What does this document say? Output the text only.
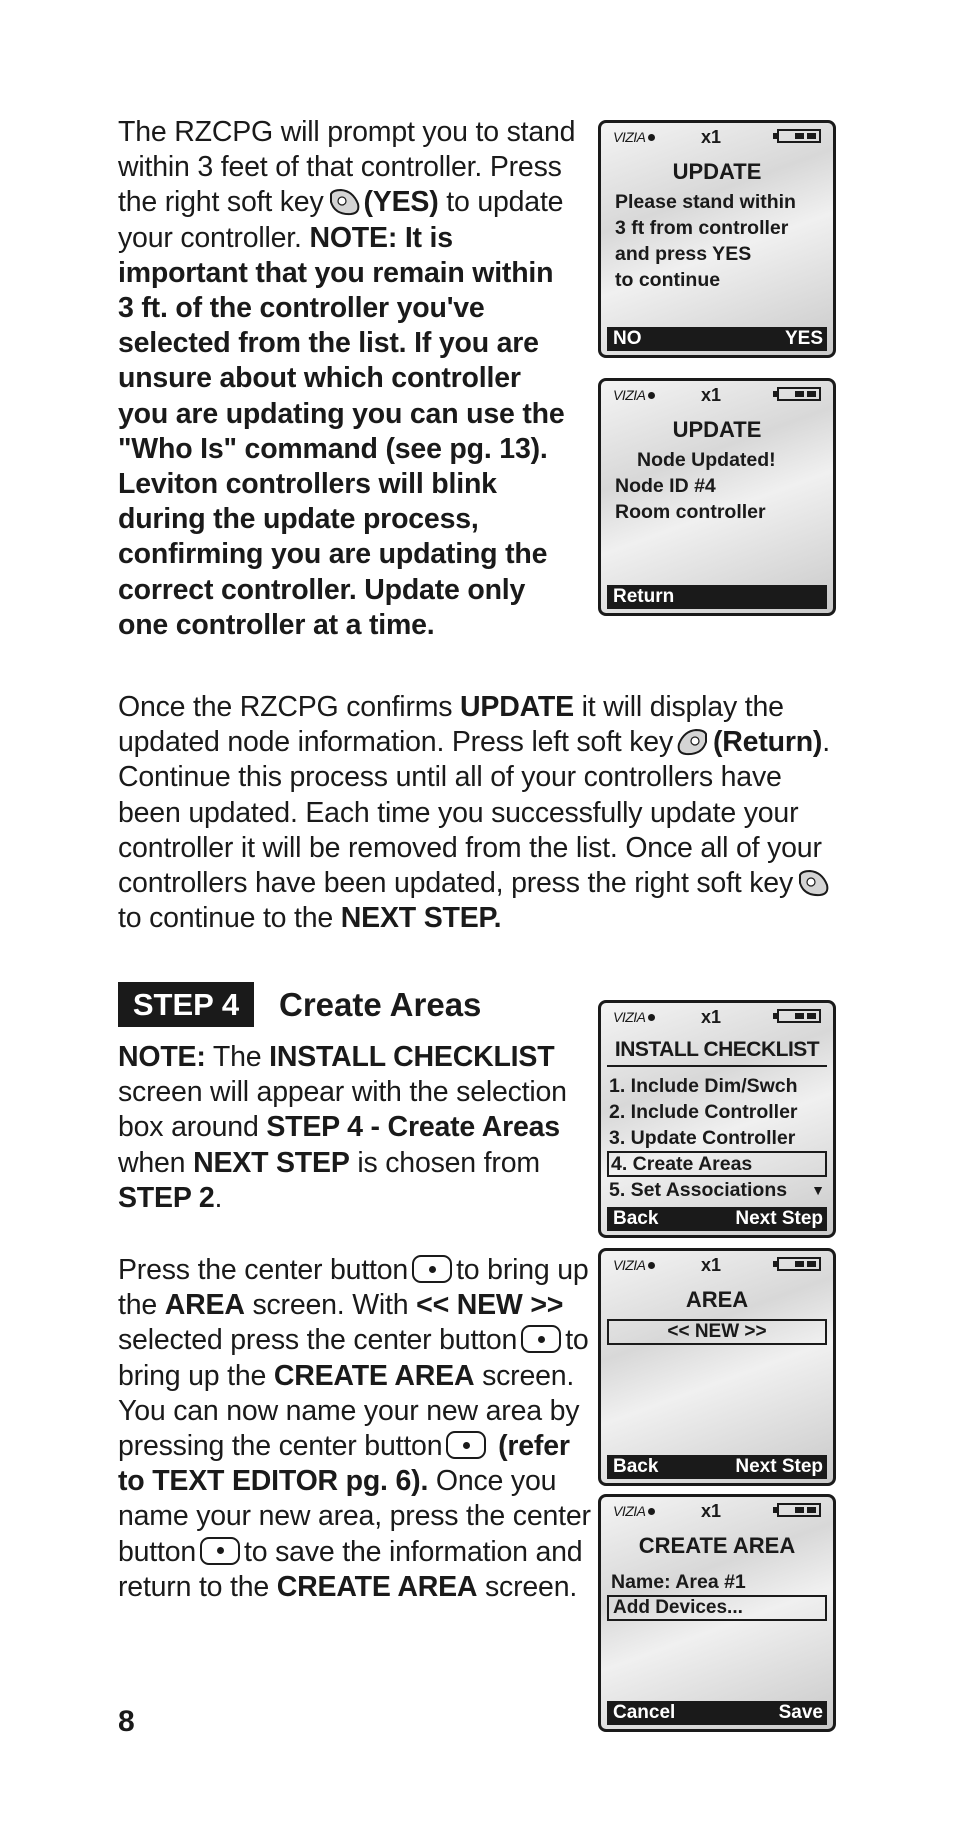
The RZCPG will prompt you to stand within 3 feet of that controller. Press the right soft key (YES) to update your controller. NOTE: It is important that you remain within 3 ft. of the controller you've selected from the list. If you are unsure about which controller you are updating you can use the "Who Is" command (see pg. 13). Leviton controllers will blink during the update process, confirming you are updating the correct controller. Update only one controller at a time.

Once the RZCPG confirms UPDATE it will display the updated node information. Press left soft key (Return). Continue this process until all of your controllers have been updated. Each time you successfully update your controller it will be removed from the list. Once all of your controllers have been updated, press the right soft keyto continue to the NEXT STEP.

STEP 4	Create Areas

NOTE: The INSTALL CHECKLIST screen will appear with the selection box around STEP 4 - Create Areas when NEXT STEP is chosen from STEP 2.

Press the center button to bring up the AREA screen. With << NEW >> selected press the center button to bring up the CREATE AREA screen. You can now name your new area by pressing the center button (refer to TEXT EDITOR pg. 6). Once you name your new area, press the center button to save the information and return to the CREATE AREA screen.

8
VIZIA	x1
UPDATE
Please stand within
3 ft from controller
and press YES
to continue
NO	YES
VIZIA	x1
UPDATE
Node Updated!
Node ID #4
Room controller
Return
VIZIA	x1
INSTALL CHECKLIST
1. Include Dim/Swch
2. Include Controller
3. Update Controller
4. Create Areas
5. Set Associations ▼
Back	Next Step
VIZIA	x1
AREA
<< NEW >>
Back	Next Step
VIZIA	x1
CREATE AREA
Name: Area #1
Add Devices...
Cancel	Save
